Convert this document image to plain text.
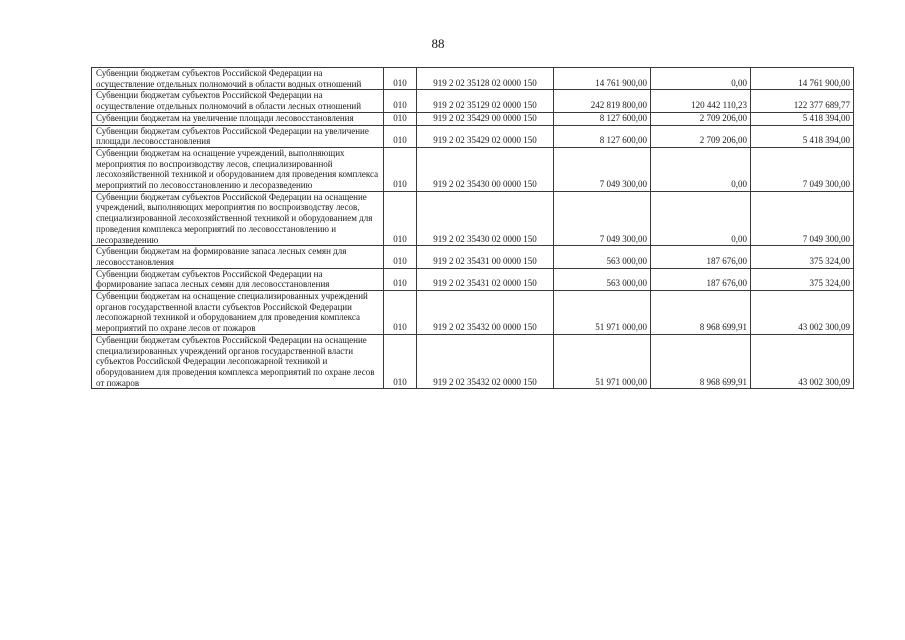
88
Субвенции бюджетам субъектов Российской Федерации на осуществление отдельных полномочий в области водных отношений	010	919 2 02 35128 02 0000 150	14 761 900,00	0,00	14 761 900,00

Субвенции бюджетам субъектов Российской Федерации на осуществление отдельных полномочий в области лесных отношений	010	919 2 02 35129 02 0000 150	242 819 800,00	120 442 110,23	122 377 689,77

Субвенции бюджетам на увеличение площади лесовосстановления	010	919 2 02 35429 00 0000 150	8 127 600,00	2 709 206,00	5 418 394,00

Субвенции бюджетам субъектов Российской Федерации на увеличение площади лесовосстановления	010	919 2 02 35429 02 0000 150	8 127 600,00	2 709 206,00	5 418 394,00

Субвенции бюджетам на оснащение учреждений, выполняющих мероприятия по воспроизводству лесов, специализированной лесохозяйственной техникой и оборудованием для проведения комплекса мероприятий по лесовосстановлению и лесоразведению	010	919 2 02 35430 00 0000 150	7 049 300,00	0,00	7 049 300,00

Субвенции бюджетам субъектов Российской Федерации на оснащение учреждений, выполняющих мероприятия по воспроизводству лесов, специализированной лесохозяйственной техникой и оборудованием для проведения комплекса мероприятий по лесовосстановлению и лесоразведению	010	919 2 02 35430 02 0000 150	7 049 300,00	0,00	7 049 300,00

Субвенции бюджетам на формирование запаса лесных семян для лесовосстановления	010	919 2 02 35431 00 0000 150	563 000,00	187 676,00	375 324,00

Субвенции бюджетам субъектов Российской Федерации на формирование запаса лесных семян для лесовосстановления	010	919 2 02 35431 02 0000 150	563 000,00	187 676,00	375 324,00

Субвенции бюджетам на оснащение специализированных учреждений органов государственной власти субъектов Российской Федерации лесопожарной техникой и оборудованием для проведения комплекса мероприятий по охране лесов от пожаров	010	919 2 02 35432 00 0000 150	51 971 000,00	8 968 699,91	43 002 300,09

Субвенции бюджетам субъектов Российской Федерации на оснащение специализированных учреждений органов государственной власти субъектов Российской Федерации лесопожарной техникой и оборудованием для проведения комплекса мероприятий по охране лесов от пожаров	010	919 2 02 35432 02 0000 150	51 971 000,00	8 968 699,91	43 002 300,09
